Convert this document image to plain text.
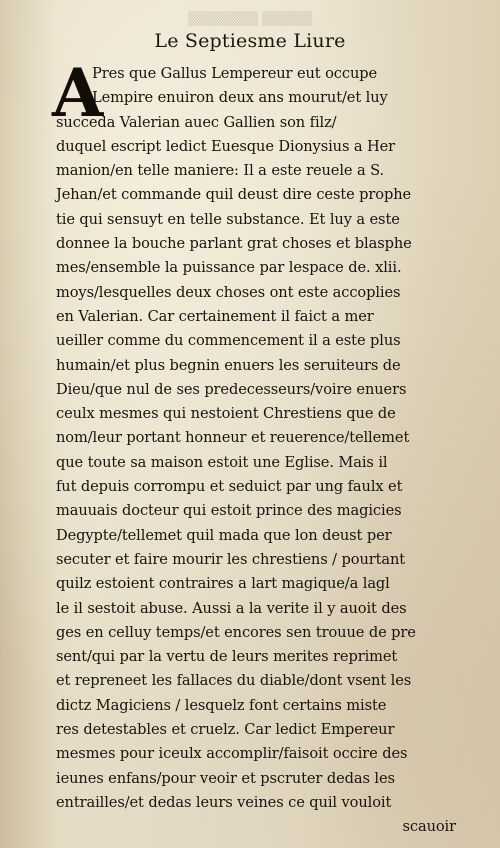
▒▒▒▒▒ ▒▒▒▒▒▒▒
Le Septiesme Liure
A
Pres que Gallus Lempereur eut occupe
Lempire enuiron deux ans mourut/et luy
succeda Valerian auec Gallien son filz/
duquel escript ledict Euesque Dionysius a Her
manion/en telle maniere: Il a este reuele a S.
Jehan/et commande quil deust dire ceste prophe
tie qui sensuyt en telle substance. Et luy a este
donnee la bouche parlant grat choses et blasphe
mes/ensemble la puissance par lespace de. xlii.
moys/lesquelles deux choses ont este accoplies
en Valerian. Car certainement il faict a mer
ueiller comme du commencement il a este plus
humain/et plus begnin enuers les seruiteurs de
Dieu/que nul de ses predecesseurs/voire enuers
ceulx mesmes qui nestoient Chrestiens que de
nom/leur portant honneur et reuerence/tellemet
que toute sa maison estoit une Eglise. Mais il
fut depuis corrompu et seduict par ung faulx et
mauuais docteur qui estoit prince des magicies
Degypte/tellemet quil mada que lon deust per
secuter et faire mourir les chrestiens / pourtant
quilz estoient contraires a lart magique/a lagl
le il sestoit abuse. Aussi a la verite il y auoit des
ges en celluy temps/et encores sen trouue de pre
sent/qui par la vertu de leurs merites reprimet
et repreneet les fallaces du diable/dont vsent les
dictz Magiciens / lesquelz font certains miste
res detestables et cruelz. Car ledict Empereur
mesmes pour iceulx accomplir/faisoit occire des
ieunes enfans/pour veoir et pscruter dedas les
entrailles/et dedas leurs veines ce quil vouloit
scauoir
